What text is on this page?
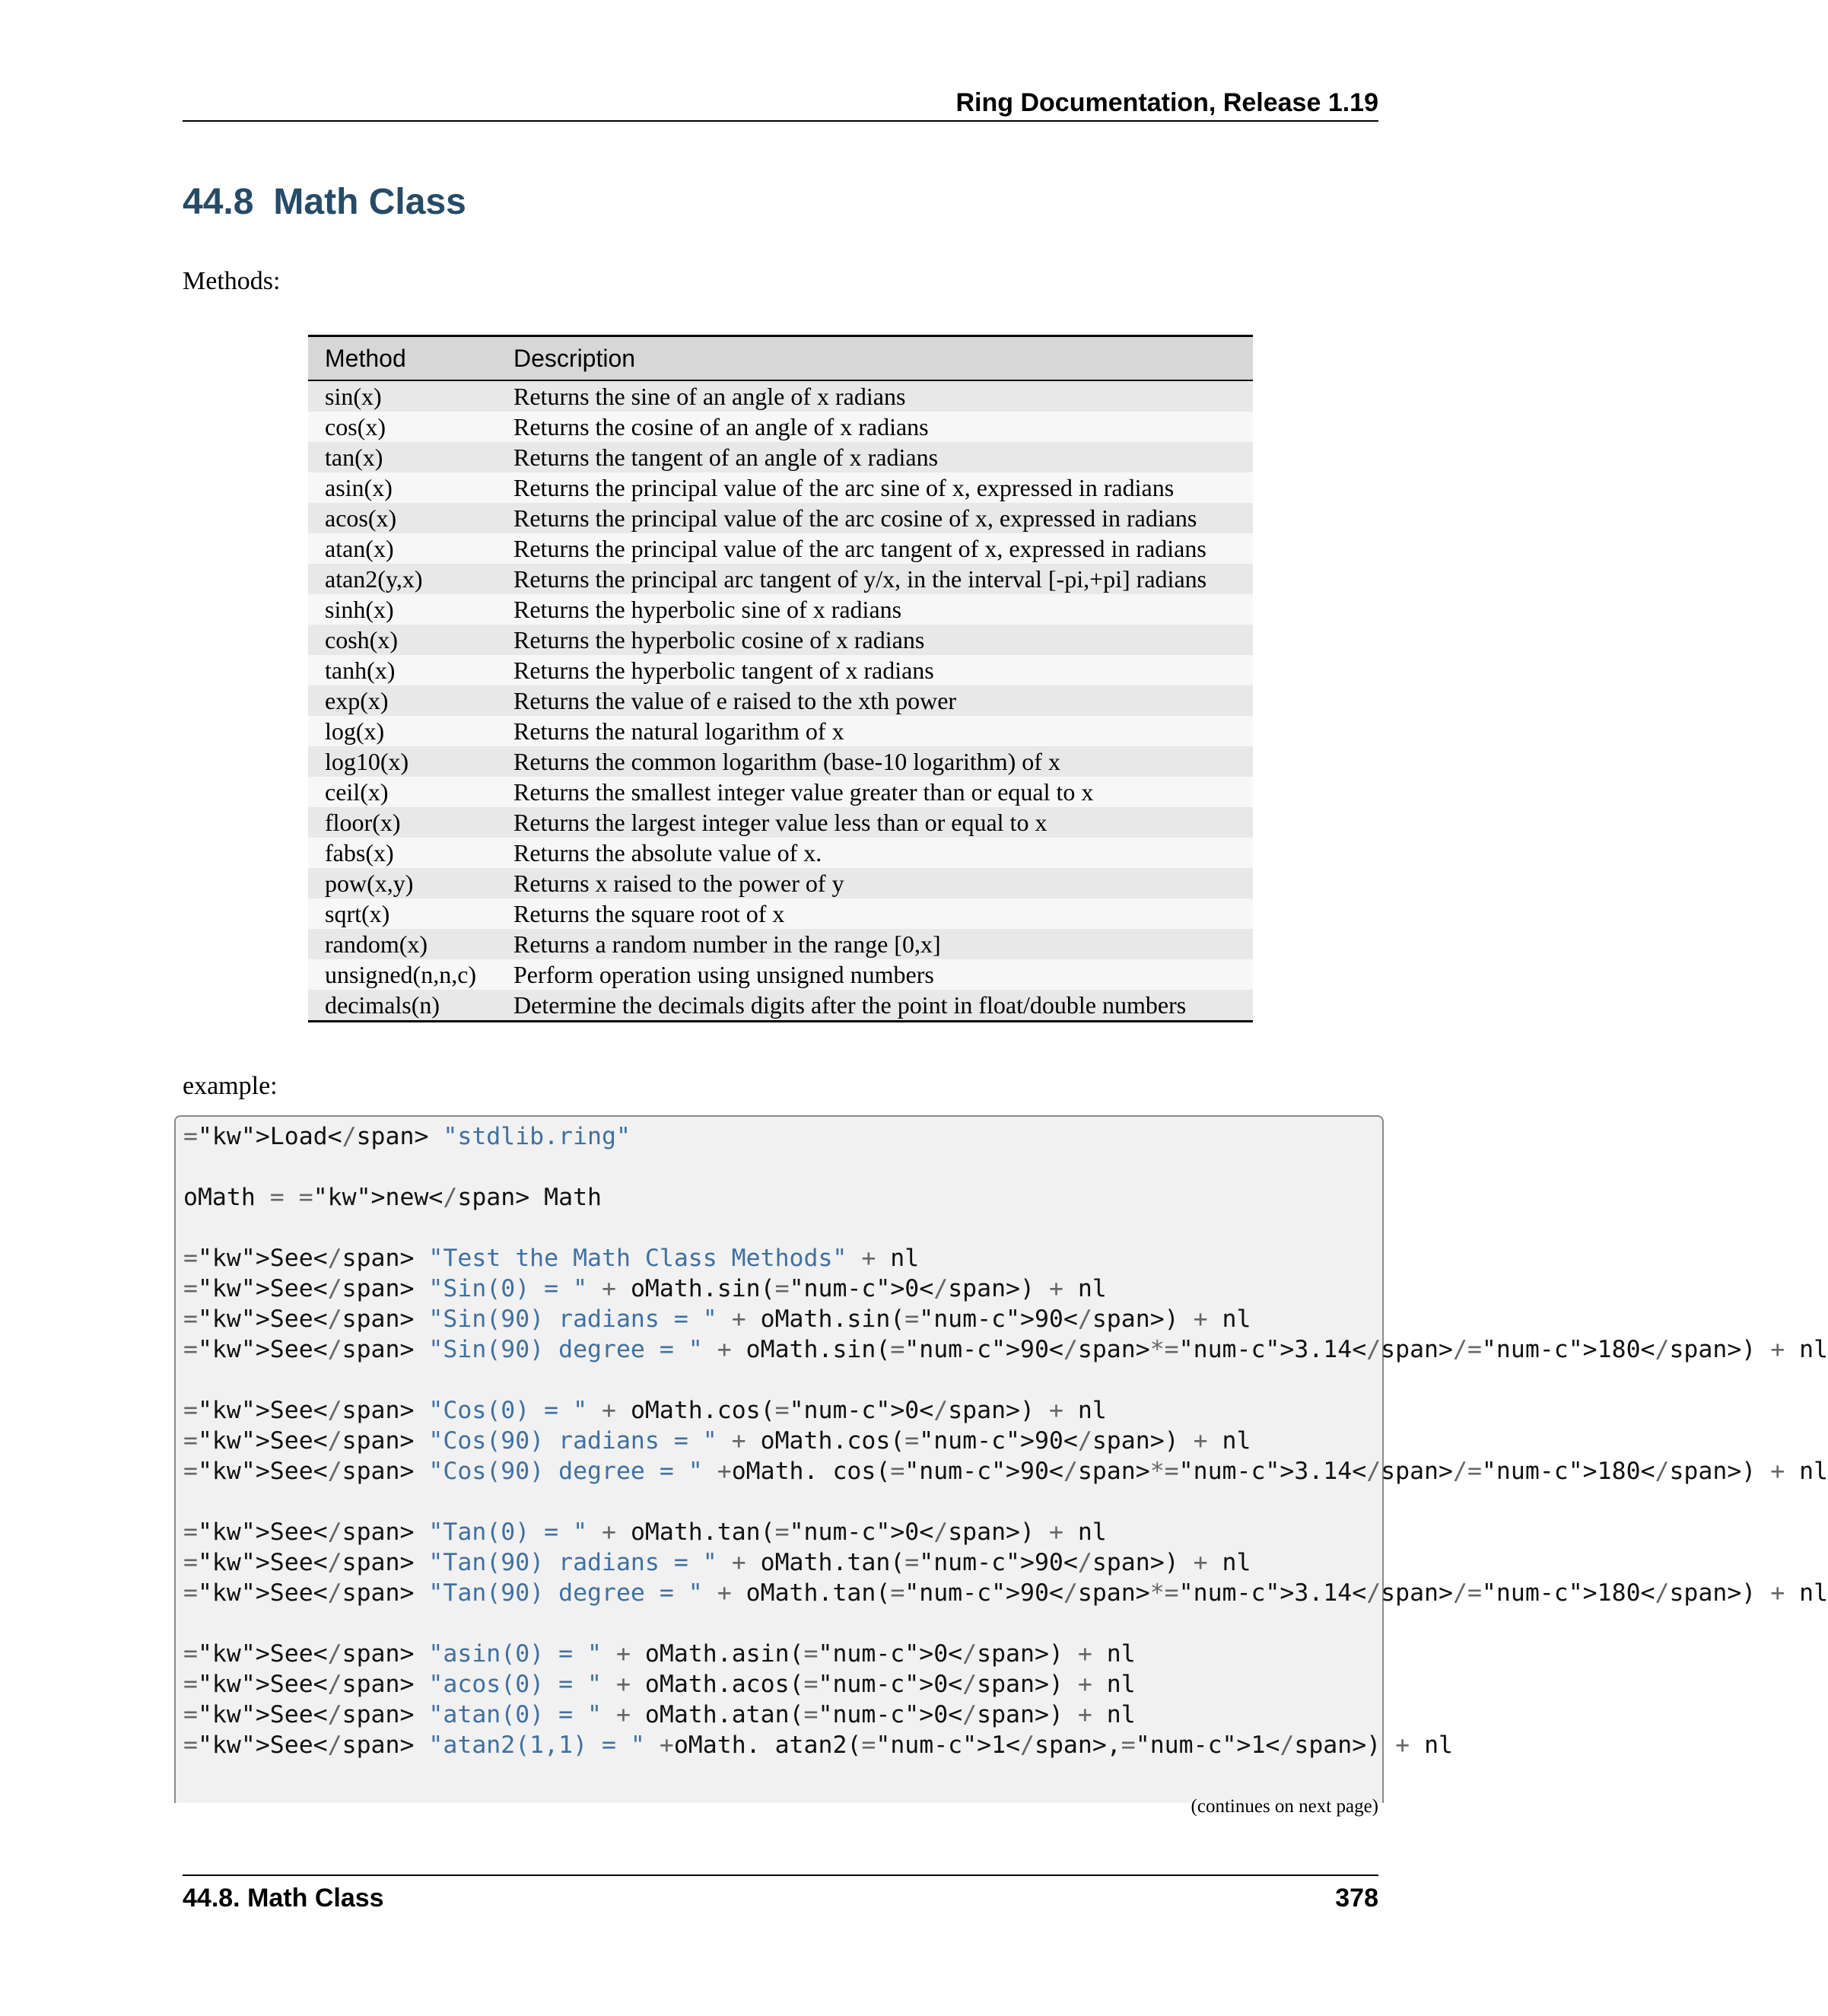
Ring Documentation, Release 1.19
44.8 Math Class
Methods:
Method	Description
sin(x)	Returns the sine of an angle of x radians
cos(x)	Returns the cosine of an angle of x radians
tan(x)	Returns the tangent of an angle of x radians
asin(x)	Returns the principal value of the arc sine of x, expressed in radians
acos(x)	Returns the principal value of the arc cosine of x, expressed in radians
atan(x)	Returns the principal value of the arc tangent of x, expressed in radians
atan2(y,x)	Returns the principal arc tangent of y/x, in the interval [-pi,+pi] radians
sinh(x)	Returns the hyperbolic sine of x radians
cosh(x)	Returns the hyperbolic cosine of x radians
tanh(x)	Returns the hyperbolic tangent of x radians
exp(x)	Returns the value of e raised to the xth power
log(x)	Returns the natural logarithm of x
log10(x)	Returns the common logarithm (base-10 logarithm) of x
ceil(x)	Returns the smallest integer value greater than or equal to x
floor(x)	Returns the largest integer value less than or equal to x
fabs(x)	Returns the absolute value of x.
pow(x,y)	Returns x raised to the power of y
sqrt(x)	Returns the square root of x
random(x)	Returns a random number in the range [0,x]
unsigned(n,n,c)	Perform operation using unsigned numbers
decimals(n)	Determine the decimals digits after the point in float/double numbers
example:
="kw">Load</span> "stdlib.ring"
oMath = ="kw">new</span> Math
="kw">See</span> "Test the Math Class Methods" + nl
="kw">See</span> "Sin(0) = " + oMath.sin(="num-c">0</span>) + nl
="kw">See</span> "Sin(90) radians = " + oMath.sin(="num-c">90</span>) + nl
="kw">See</span> "Sin(90) degree = " + oMath.sin(="num-c">90</span>*="num-c">3.14</span>/="num-c">180</span>) + nl
="kw">See</span> "Cos(0) = " + oMath.cos(="num-c">0</span>) + nl
="kw">See</span> "Cos(90) radians = " + oMath.cos(="num-c">90</span>) + nl
="kw">See</span> "Cos(90) degree = " +oMath. cos(="num-c">90</span>*="num-c">3.14</span>/="num-c">180</span>) + nl
="kw">See</span> "Tan(0) = " + oMath.tan(="num-c">0</span>) + nl
="kw">See</span> "Tan(90) radians = " + oMath.tan(="num-c">90</span>) + nl
="kw">See</span> "Tan(90) degree = " + oMath.tan(="num-c">90</span>*="num-c">3.14</span>/="num-c">180</span>) + nl
="kw">See</span> "asin(0) = " + oMath.asin(="num-c">0</span>) + nl
="kw">See</span> "acos(0) = " + oMath.acos(="num-c">0</span>) + nl
="kw">See</span> "atan(0) = " + oMath.atan(="num-c">0</span>) + nl
="kw">See</span> "atan2(1,1) = " +oMath. atan2(="num-c">1</span>,="num-c">1</span>) + nl
(continues on next page)
44.8. Math Class	378
